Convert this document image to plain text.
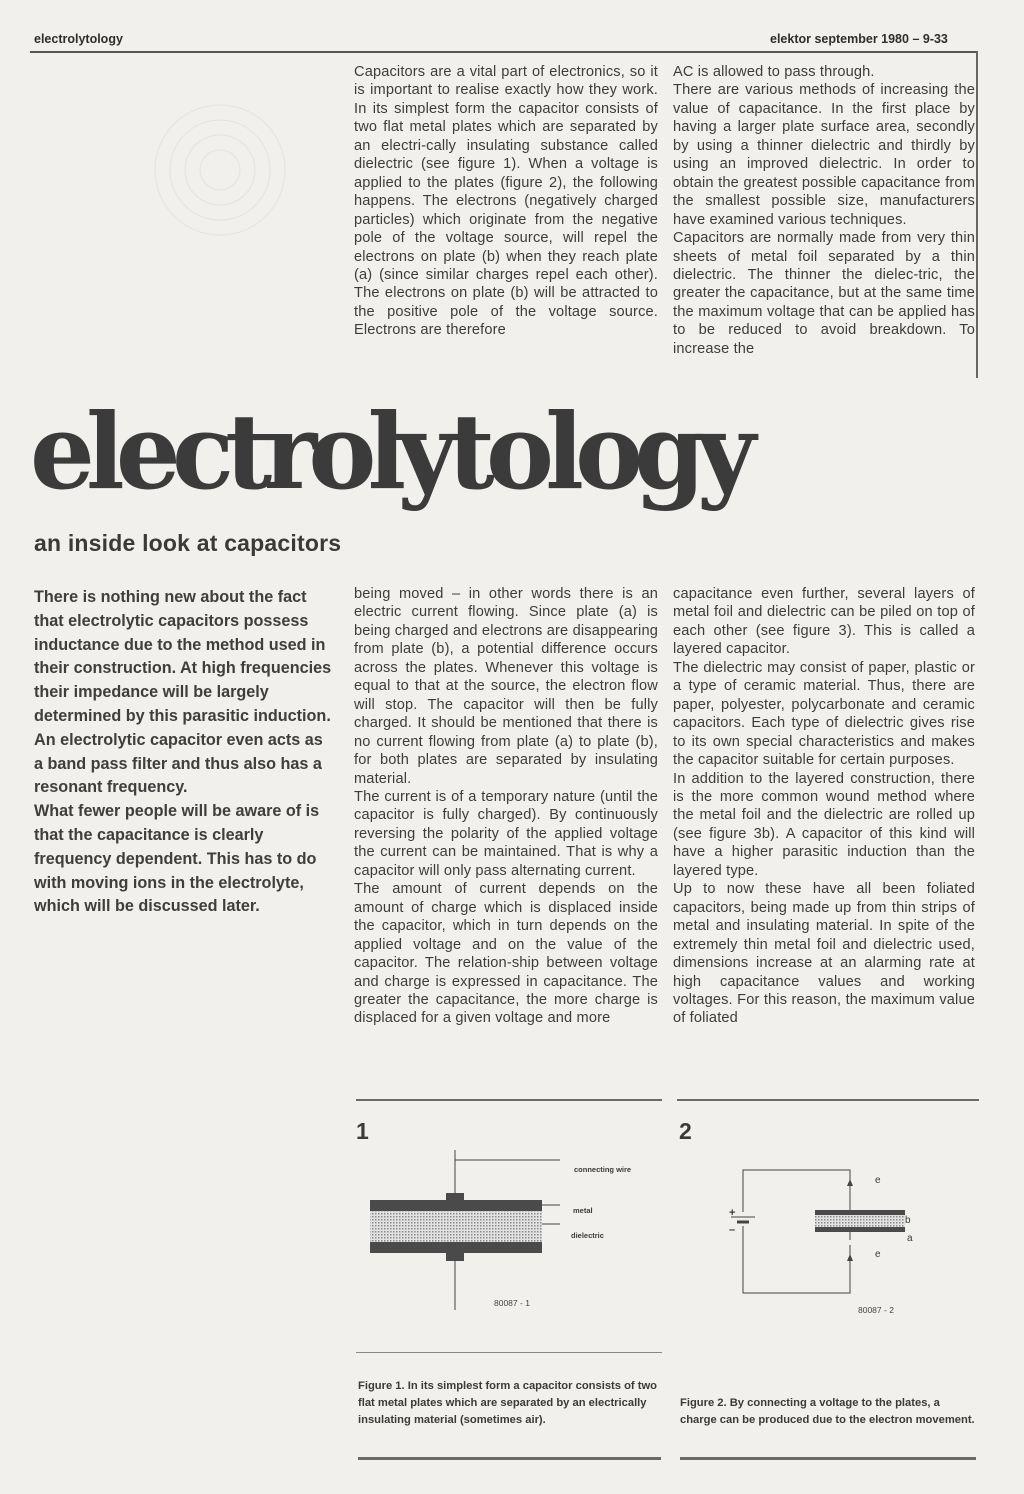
electrolytology	elektor september 1980 – 9-33

Capacitors are a vital part of electronics, so it is important to realise exactly how they work. In its simplest form the capacitor consists of two flat metal plates which are separated by an electri-cally insulating substance called dielectric (see figure 1). When a voltage is applied to the plates (figure 2), the following happens. The electrons (negatively charged particles) which originate from the negative pole of the voltage source, will repel the electrons on plate (b) when they reach plate (a) (since similar charges repel each other). The electrons on plate (b) will be attracted to the positive pole of the voltage source. Electrons are therefore

AC is allowed to pass through.

There are various methods of increasing the value of capacitance. In the first place by having a larger plate surface area, secondly by using a thinner dielectric and thirdly by using an improved dielectric. In order to obtain the greatest possible capacitance from the smallest possible size, manufacturers have examined various techniques.

Capacitors are normally made from very thin sheets of metal foil separated by a thin dielectric. The thinner the dielec-tric, the greater the capacitance, but at the same time the maximum voltage that can be applied has to be reduced to avoid breakdown. To increase the

electrolytology
an inside look at capacitors

There is nothing new about the fact that electrolytic capacitors possess inductance due to the method used in their construction. At high frequencies their impedance will be largely determined by this parasitic induction. An electrolytic capacitor even acts as a band pass filter and thus also has a resonant frequency.

What fewer people will be aware of is that the capacitance is clearly frequency dependent. This has to do with moving ions in the electrolyte, which will be discussed later.

being moved – in other words there is an electric current flowing. Since plate (a) is being charged and electrons are disappearing from plate (b), a potential difference occurs across the plates. Whenever this voltage is equal to that at the source, the electron flow will stop. The capacitor will then be fully charged. It should be mentioned that there is no current flowing from plate (a) to plate (b), for both plates are separated by insulating material.

The current is of a temporary nature (until the capacitor is fully charged). By continuously reversing the polarity of the applied voltage the current can be maintained. That is why a capacitor will only pass alternating current.

The amount of current depends on the amount of charge which is displaced inside the capacitor, which in turn depends on the applied voltage and on the value of the capacitor. The relation-ship between voltage and charge is expressed in capacitance. The greater the capacitance, the more charge is displaced for a given voltage and more

capacitance even further, several layers of metal foil and dielectric can be piled on top of each other (see figure 3). This is called a layered capacitor.

The dielectric may consist of paper, plastic or a type of ceramic material. Thus, there are paper, polyester, polycarbonate and ceramic capacitors. Each type of dielectric gives rise to its own special characteristics and makes the capacitor suitable for certain purposes.

In addition to the layered construction, there is the more common wound method where the metal foil and the dielectric are rolled up (see figure 3b). A capacitor of this kind will have a higher parasitic induction than the layered type.

Up to now these have all been foliated capacitors, being made up from thin strips of metal and insulating material. In spite of the extremely thin metal foil and dielectric used, dimensions increase at an alarming rate at high capacitance values and working voltages. For this reason, the maximum value of foliated

1
connecting wire
metal
dielectric
80087 - 1
Figure 1. In its simplest form a capacitor consists of two flat metal plates which are separated by an electrically insulating material (sometimes air).
2
+
–
e
e
b
a
80087 - 2
Figure 2. By connecting a voltage to the plates, a charge can be produced due to the electron movement.
